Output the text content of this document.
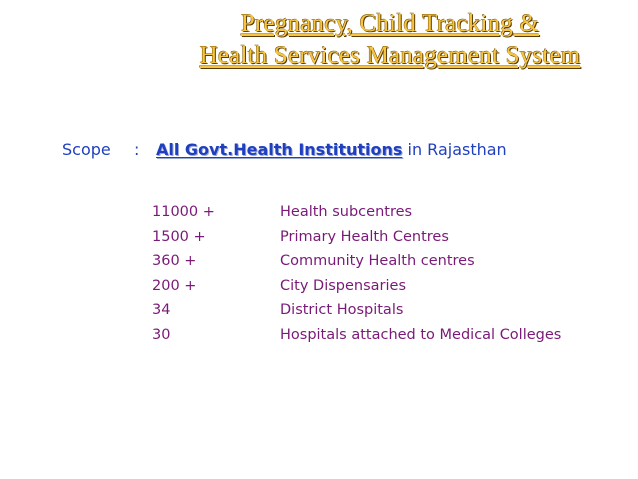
Pregnancy, Child Tracking &
Health Services Management System
Scope : All Govt.Health Institutions in Rajasthan
11000 +	Health subcentres
1500 +	Primary Health Centres
360 +	Community Health centres
200 +	City Dispensaries
34	District Hospitals
30	Hospitals attached to Medical Colleges
